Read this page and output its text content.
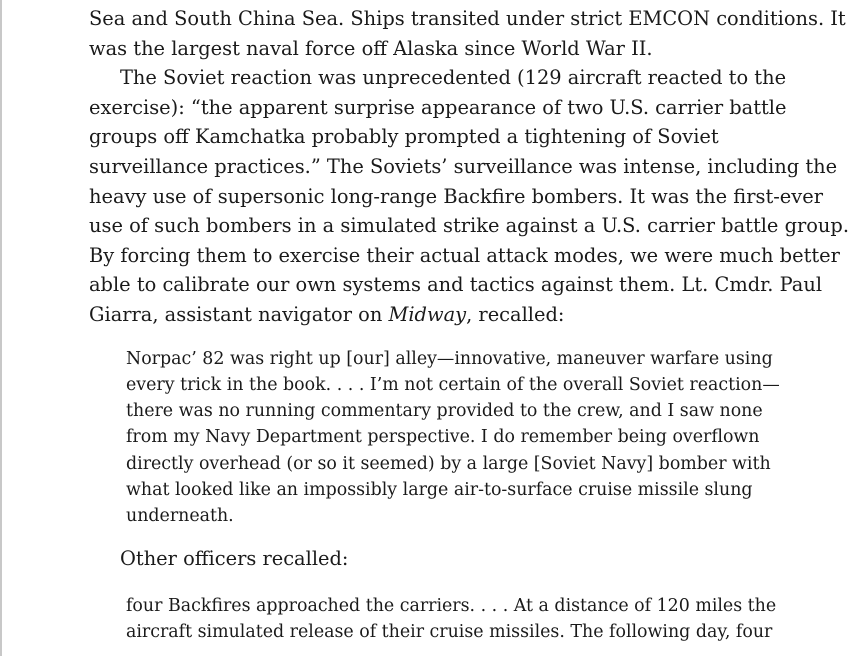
Sea and South China Sea. Ships transited under strict EMCON conditions. It
was the largest naval force off Alaska since World War II.

The Soviet reaction was unprecedented (129 aircraft reacted to the
exercise): “the apparent surprise appearance of two U.S. carrier battle
groups off Kamchatka probably prompted a tightening of Soviet
surveillance practices.” The Soviets’ surveillance was intense, including the
heavy use of supersonic long-range Backfire bombers. It was the first-ever
use of such bombers in a simulated strike against a U.S. carrier battle group.
By forcing them to exercise their actual attack modes, we were much better
able to calibrate our own systems and tactics against them. Lt. Cmdr. Paul
Giarra, assistant navigator on Midway, recalled:

Norpac’ 82 was right up [our] alley—innovative, maneuver warfare using
every trick in the book. . . . I’m not certain of the overall Soviet reaction—
there was no running commentary provided to the crew, and I saw none
from my Navy Department perspective. I do remember being overflown
directly overhead (or so it seemed) by a large [Soviet Navy] bomber with
what looked like an impossibly large air-to-surface cruise missile slung
underneath.

Other officers recalled:

four Backfires approached the carriers. . . . At a distance of 120 miles the
aircraft simulated release of their cruise missiles. The following day, four
